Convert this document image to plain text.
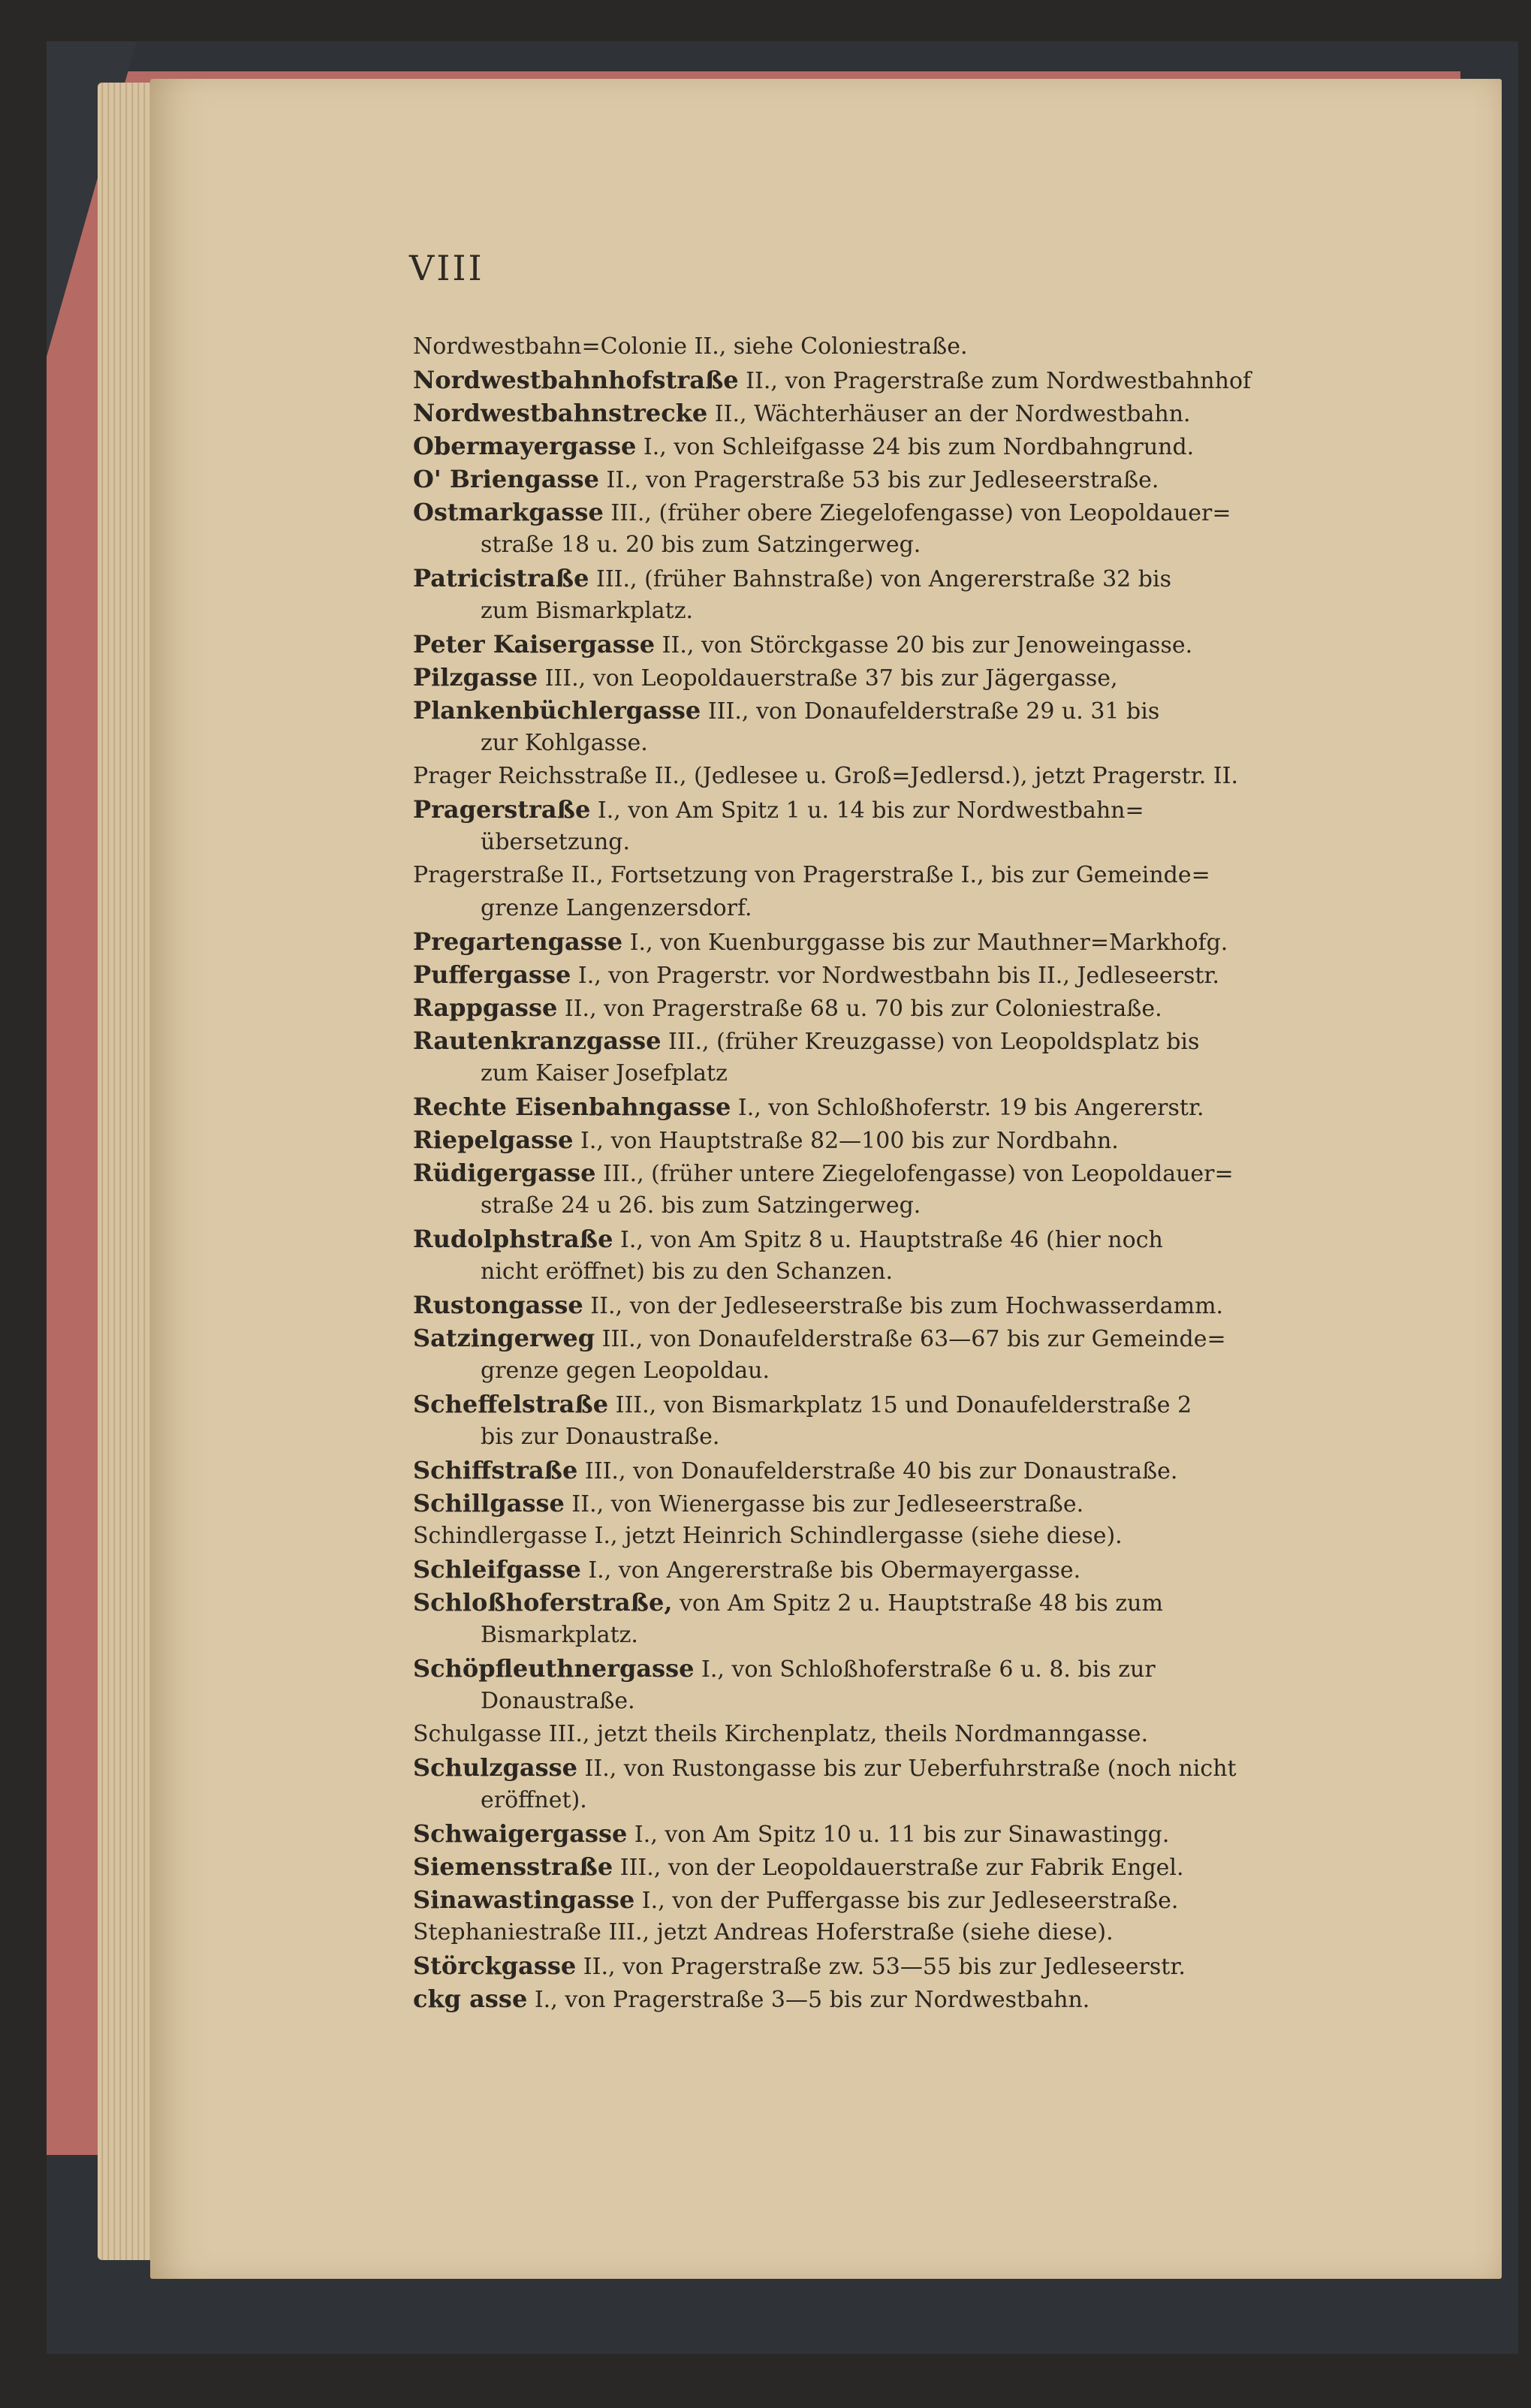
VIII
Nordwestbahn=Colonie II., siehe Coloniestraße.
Nordwestbahnhofstraße II., von Pragerstraße zum Nordwestbahnhof
Nordwestbahnstrecke II., Wächterhäuser an der Nordwestbahn.
Obermayergasse I., von Schleifgasse 24 bis zum Nordbahngrund.
O' Briengasse II., von Pragerstraße 53 bis zur Jedleseerstraße.
Ostmarkgasse III., (früher obere Ziegelofengasse) von Leopoldauer=
straße 18 u. 20 bis zum Satzingerweg.
Patricistraße III., (früher Bahnstraße) von Angererstraße 32 bis
zum Bismarkplatz.
Peter Kaisergasse II., von Störckgasse 20 bis zur Jenoweingasse.
Pilzgasse III., von Leopoldauerstraße 37 bis zur Jägergasse,
Plankenbüchlergasse III., von Donaufelderstraße 29 u. 31 bis
zur Kohlgasse.
Prager Reichsstraße II., (Jedlesee u. Groß=Jedlersd.), jetzt Pragerstr. II.
Pragerstraße I., von Am Spitz 1 u. 14 bis zur Nordwestbahn=
übersetzung.
Pragerstraße II., Fortsetzung von Pragerstraße I., bis zur Gemeinde=
grenze Langenzersdorf.
Pregartengasse I., von Kuenburggasse bis zur Mauthner=Markhofg.
Puffergasse I., von Pragerstr. vor Nordwestbahn bis II., Jedleseerstr.
Rappgasse II., von Pragerstraße 68 u. 70 bis zur Coloniestraße.
Rautenkranzgasse III., (früher Kreuzgasse) von Leopoldsplatz bis
zum Kaiser Josefplatz
Rechte Eisenbahngasse I., von Schloßhoferstr. 19 bis Angererstr.
Riepelgasse I., von Hauptstraße 82—100 bis zur Nordbahn.
Rüdigergasse III., (früher untere Ziegelofengasse) von Leopoldauer=
straße 24 u 26. bis zum Satzingerweg.
Rudolphstraße I., von Am Spitz 8 u. Hauptstraße 46 (hier noch
nicht eröffnet) bis zu den Schanzen.
Rustongasse II., von der Jedleseerstraße bis zum Hochwasserdamm.
Satzingerweg III., von Donaufelderstraße 63—67 bis zur Gemeinde=
grenze gegen Leopoldau.
Scheffelstraße III., von Bismarkplatz 15 und Donaufelderstraße 2
bis zur Donaustraße.
Schiffstraße III., von Donaufelderstraße 40 bis zur Donaustraße.
Schillgasse II., von Wienergasse bis zur Jedleseerstraße.
Schindlergasse I., jetzt Heinrich Schindlergasse (siehe diese).
Schleifgasse I., von Angererstraße bis Obermayergasse.
Schloßhoferstraße, von Am Spitz 2 u. Hauptstraße 48 bis zum
Bismarkplatz.
Schöpfleuthnergasse I., von Schloßhoferstraße 6 u. 8. bis zur
Donaustraße.
Schulgasse III., jetzt theils Kirchenplatz, theils Nordmanngasse.
Schulzgasse II., von Rustongasse bis zur Ueberfuhrstraße (noch nicht
eröffnet).
Schwaigergasse I., von Am Spitz 10 u. 11 bis zur Sinawastingg.
Siemensstraße III., von der Leopoldauerstraße zur Fabrik Engel.
Sinawastingasse I., von der Puffergasse bis zur Jedleseerstraße.
Stephaniestraße III., jetzt Andreas Hoferstraße (siehe diese).
Störckgasse II., von Pragerstraße zw. 53—55 bis zur Jedleseerstr.
ckg asse I., von Pragerstraße 3—5 bis zur Nordwestbahn.
